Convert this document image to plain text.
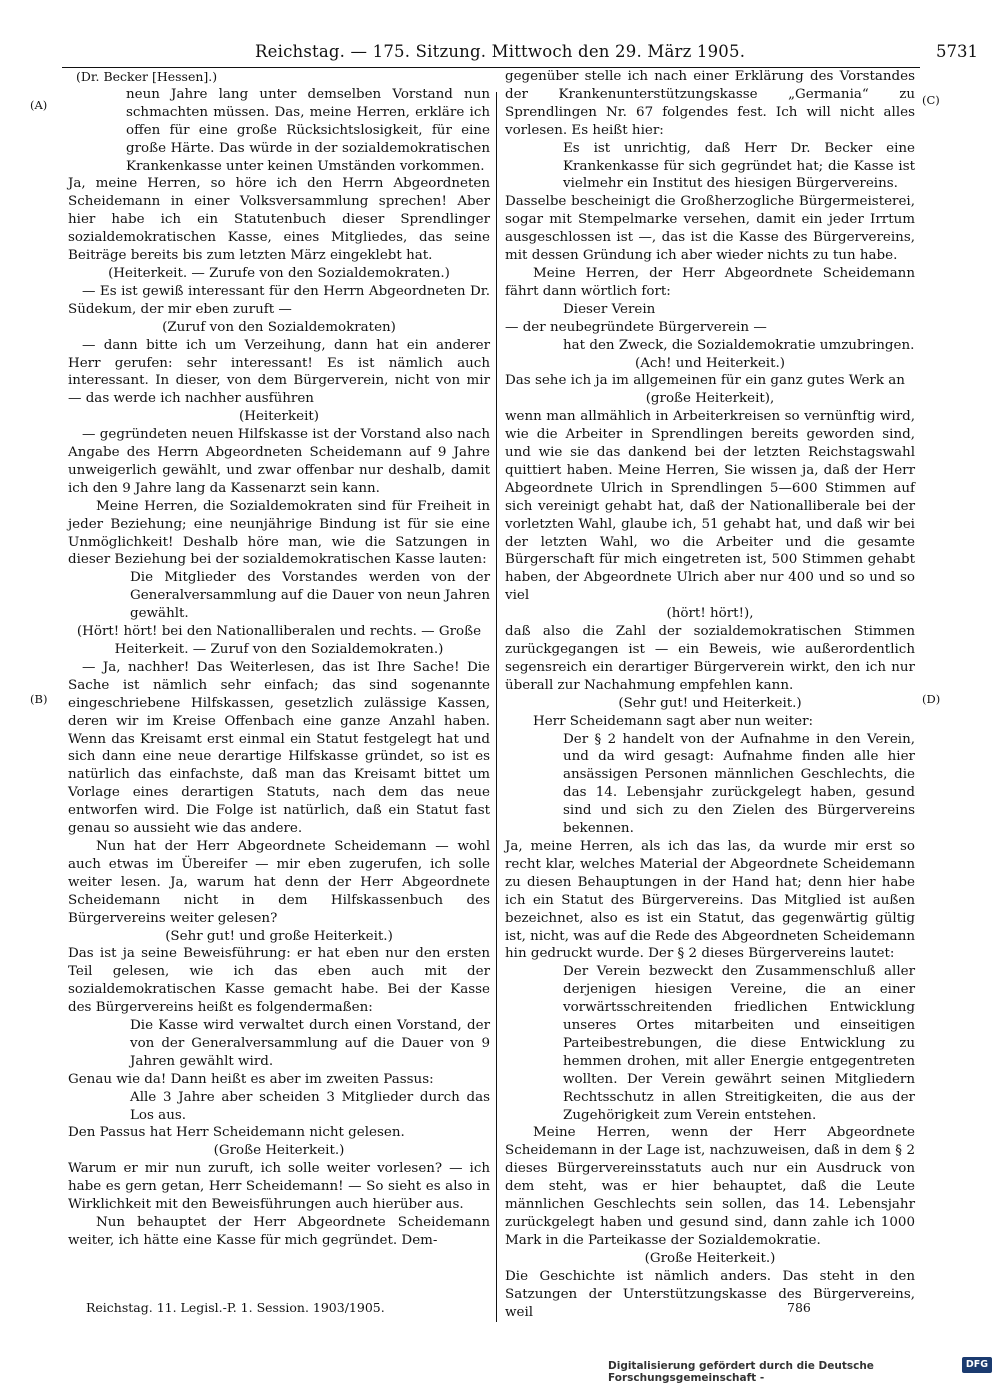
Reichstag. — 175. Sitzung. Mittwoch den 29. März 1905.	5731
(A)
(B)
(C)
(D)

(Dr. Becker [Hessen].)

neun Jahre lang unter demselben Vorstand nun schmachten müssen. Das, meine Herren, erkläre ich offen für eine große Rücksichtslosigkeit, für eine große Härte. Das würde in der sozialdemokratischen Krankenkasse unter keinen Umständen vorkommen.

Ja, meine Herren, so höre ich den Herrn Abgeordneten Scheidemann in einer Volksversammlung sprechen! Aber hier habe ich ein Statutenbuch dieser Sprendlinger sozialdemokratischen Kasse, eines Mitgliedes, das seine Beiträge bereits bis zum letzten März eingeklebt hat.

(Heiterkeit. — Zurufe von den Sozialdemokraten.)

— Es ist gewiß interessant für den Herrn Abgeordneten Dr. Südekum, der mir eben zuruft —

(Zuruf von den Sozialdemokraten)

— dann bitte ich um Verzeihung, dann hat ein anderer Herr gerufen: sehr interessant! Es ist nämlich auch interessant. In dieser, von dem Bürgerverein, nicht von mir — das werde ich nachher ausführen

(Heiterkeit)

— gegründeten neuen Hilfskasse ist der Vorstand also nach Angabe des Herrn Abgeordneten Scheidemann auf 9 Jahre unweigerlich gewählt, und zwar offenbar nur deshalb, damit ich den 9 Jahre lang da Kassenarzt sein kann.

Meine Herren, die Sozialdemokraten sind für Freiheit in jeder Beziehung; eine neunjährige Bindung ist für sie eine Unmöglichkeit! Deshalb höre man, wie die Satzungen in dieser Beziehung bei der sozialdemokratischen Kasse lauten:

Die Mitglieder des Vorstandes werden von der Generalversammlung auf die Dauer von neun Jahren gewählt.

(Hört! hört! bei den Nationalliberalen und rechts. — Große Heiterkeit. — Zuruf von den Sozialdemokraten.)

— Ja, nachher! Das Weiterlesen, das ist Ihre Sache! Die Sache ist nämlich sehr einfach; das sind sogenannte eingeschriebene Hilfskassen, gesetzlich zulässige Kassen, deren wir im Kreise Offenbach eine ganze Anzahl haben. Wenn das Kreisamt erst einmal ein Statut festgelegt hat und sich dann eine neue derartige Hilfskasse gründet, so ist es natürlich das einfachste, daß man das Kreisamt bittet um Vorlage eines derartigen Statuts, nach dem das neue entworfen wird. Die Folge ist natürlich, daß ein Statut fast genau so aussieht wie das andere.

Nun hat der Herr Abgeordnete Scheidemann — wohl auch etwas im Übereifer — mir eben zugerufen, ich solle weiter lesen. Ja, warum hat denn der Herr Abgeordnete Scheidemann nicht in dem Hilfskassenbuch des Bürgervereins weiter gelesen?

(Sehr gut! und große Heiterkeit.)

Das ist ja seine Beweisführung: er hat eben nur den ersten Teil gelesen, wie ich das eben auch mit der sozialdemokratischen Kasse gemacht habe. Bei der Kasse des Bürgervereins heißt es folgendermaßen:

Die Kasse wird verwaltet durch einen Vorstand, der von der Generalversammlung auf die Dauer von 9 Jahren gewählt wird.

Genau wie da! Dann heißt es aber im zweiten Passus:

Alle 3 Jahre aber scheiden 3 Mitglieder durch das Los aus.

Den Passus hat Herr Scheidemann nicht gelesen.

(Große Heiterkeit.)

Warum er mir nun zuruft, ich solle weiter vorlesen? — ich habe es gern getan, Herr Scheidemann! — So sieht es also in Wirklichkeit mit den Beweisführungen auch hierüber aus.

Nun behauptet der Herr Abgeordnete Scheidemann weiter, ich hätte eine Kasse für mich gegründet. Dem-

gegenüber stelle ich nach einer Erklärung des Vorstandes der Krankenunterstützungskasse „Germania“ zu Sprendlingen Nr. 67 folgendes fest. Ich will nicht alles vorlesen. Es heißt hier:

Es ist unrichtig, daß Herr Dr. Becker eine Krankenkasse für sich gegründet hat; die Kasse ist vielmehr ein Institut des hiesigen Bürgervereins.

Dasselbe bescheinigt die Großherzogliche Bürgermeisterei, sogar mit Stempelmarke versehen, damit ein jeder Irrtum ausgeschlossen ist —, das ist die Kasse des Bürgervereins, mit dessen Gründung ich aber wieder nichts zu tun habe.

Meine Herren, der Herr Abgeordnete Scheidemann fährt dann wörtlich fort:

Dieser Verein

— der neubegründete Bürgerverein —

hat den Zweck, die Sozialdemokratie umzubringen.

(Ach! und Heiterkeit.)

Das sehe ich ja im allgemeinen für ein ganz gutes Werk an

(große Heiterkeit),

wenn man allmählich in Arbeiterkreisen so vernünftig wird, wie die Arbeiter in Sprendlingen bereits geworden sind, und wie sie das dankend bei der letzten Reichstagswahl quittiert haben. Meine Herren, Sie wissen ja, daß der Herr Abgeordnete Ulrich in Sprendlingen 5—600 Stimmen auf sich vereinigt gehabt hat, daß der Nationalliberale bei der vorletzten Wahl, glaube ich, 51 gehabt hat, und daß wir bei der letzten Wahl, wo die Arbeiter und die gesamte Bürgerschaft für mich eingetreten ist, 500 Stimmen gehabt haben, der Abgeordnete Ulrich aber nur 400 und so und so viel

(hört! hört!),

daß also die Zahl der sozialdemokratischen Stimmen zurückgegangen ist — ein Beweis, wie außerordentlich segensreich ein derartiger Bürgerverein wirkt, den ich nur überall zur Nachahmung empfehlen kann.

(Sehr gut! und Heiterkeit.)

Herr Scheidemann sagt aber nun weiter:

Der § 2 handelt von der Aufnahme in den Verein, und da wird gesagt: Aufnahme finden alle hier ansässigen Personen männlichen Geschlechts, die das 14. Lebensjahr zurückgelegt haben, gesund sind und sich zu den Zielen des Bürgervereins bekennen.

Ja, meine Herren, als ich das las, da wurde mir erst so recht klar, welches Material der Abgeordnete Scheidemann zu diesen Behauptungen in der Hand hat; denn hier habe ich ein Statut des Bürgervereins. Das Mitglied ist außen bezeichnet, also es ist ein Statut, das gegenwärtig gültig ist, nicht, was auf die Rede des Abgeordneten Scheidemann hin gedruckt wurde. Der § 2 dieses Bürgervereins lautet:

Der Verein bezweckt den Zusammenschluß aller derjenigen hiesigen Vereine, die an einer vorwärtsschreitenden friedlichen Entwicklung unseres Ortes mitarbeiten und einseitigen Parteibestrebungen, die diese Entwicklung zu hemmen drohen, mit aller Energie entgegentreten wollten. Der Verein gewährt seinen Mitgliedern Rechtsschutz in allen Streitigkeiten, die aus der Zugehörigkeit zum Verein entstehen.

Meine Herren, wenn der Herr Abgeordnete Scheidemann in der Lage ist, nachzuweisen, daß in dem § 2 dieses Bürgervereinsstatuts auch nur ein Ausdruck von dem steht, was er hier behauptet, daß die Leute männlichen Geschlechts sein sollen, das 14. Lebensjahr zurückgelegt haben und gesund sind, dann zahle ich 1000 Mark in die Parteikasse der Sozialdemokratie.

(Große Heiterkeit.)

Die Geschichte ist nämlich anders. Das steht in den Satzungen der Unterstützungskasse des Bürgervereins, weil

Reichstag. 11. Legisl.-P. 1. Session. 1903/1905.	786
Digitalisierung gefördert durch die Deutsche Forschungsgemeinschaft -
DFG
